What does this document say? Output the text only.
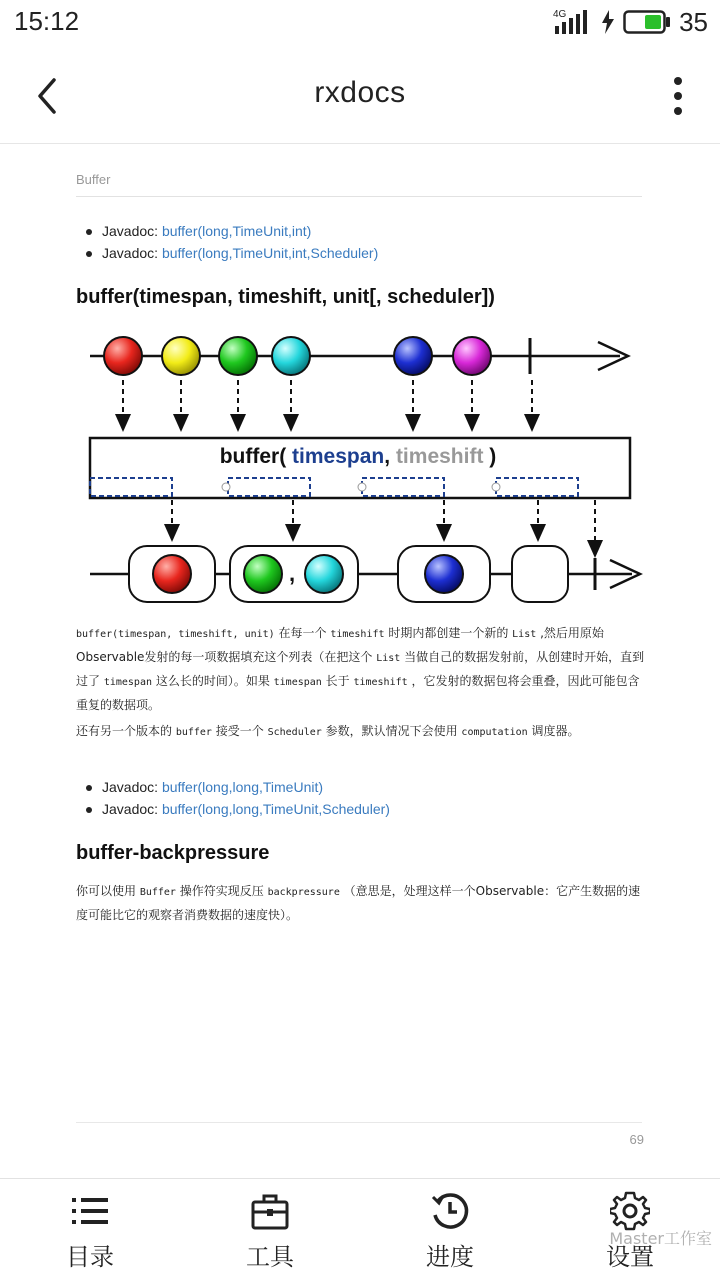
15:12	4G	35
rxdocs
Buffer
Javadoc: buffer(long,TimeUnit,int)
Javadoc: buffer(long,TimeUnit,int,Scheduler)
buffer(timespan, timeshift, unit[, scheduler])
buffer( timespan, timeshift )
,
buffer(timespan, timeshift, unit) 在每一个 timeshift 时期内都创建一个新的 List ,然后用原始Observable发射的每一项数据填充这个列表（在把这个 List 当做自己的数据发射前，从创建时开始，直到过了 timespan 这么长的时间）。如果 timespan 长于 timeshift ，它发射的数据包将会重叠，因此可能包含重复的数据项。
还有另一个版本的 buffer 接受一个 Scheduler 参数，默认情况下会使用 computation 调度器。
Javadoc: buffer(long,long,TimeUnit)
Javadoc: buffer(long,long,TimeUnit,Scheduler)
buffer-backpressure
你可以使用 Buffer 操作符实现反压 backpressure （意思是，处理这样一个Observable：它产生数据的速度可能比它的观察者消费数据的速度快）。
69
目录	工具	进度	设置
Master工作室
